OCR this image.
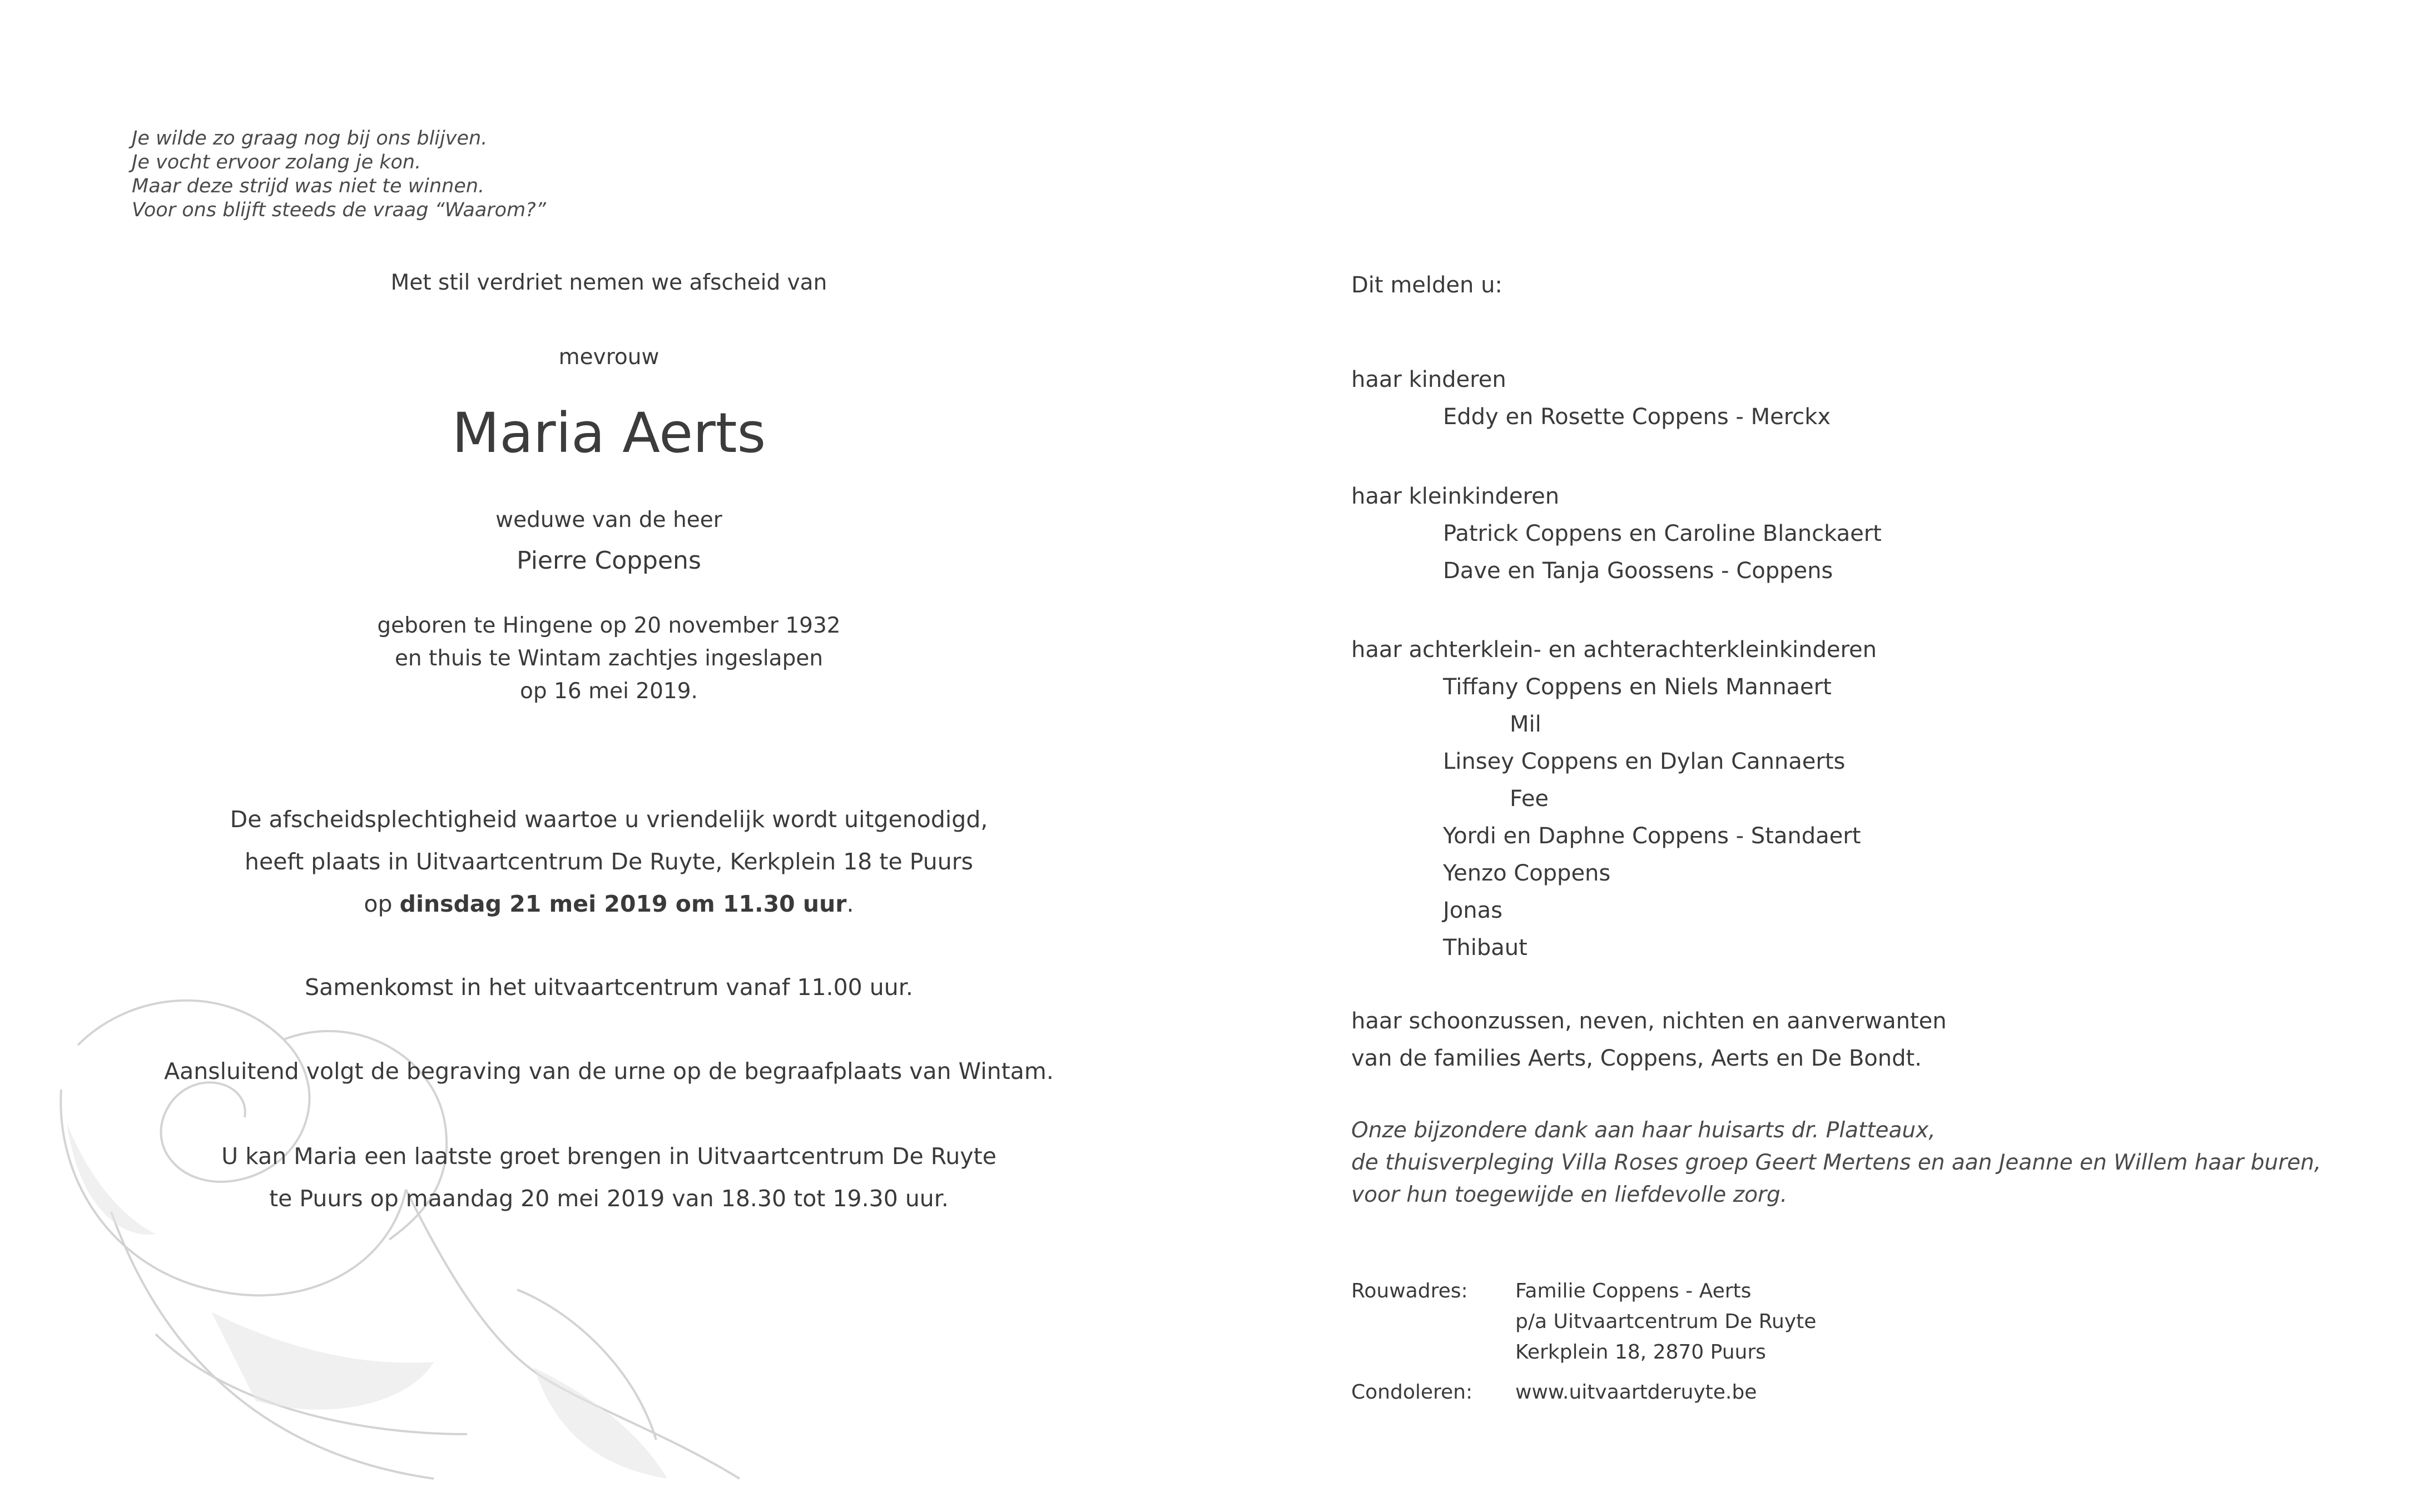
Je wilde zo graag nog bij ons blijven.
Je vocht ervoor zolang je kon.
Maar deze strijd was niet te winnen.
Voor ons blijft steeds de vraag “Waarom?”
Met stil verdriet nemen we afscheid van
mevrouw
Maria Aerts
weduwe van de heer
Pierre Coppens
geboren te Hingene op 20 november 1932
en thuis te Wintam zachtjes ingeslapen
op 16 mei 2019.
De afscheidsplechtigheid waartoe u vriendelijk wordt uitgenodigd,
heeft plaats in Uitvaartcentrum De Ruyte, Kerkplein 18 te Puurs
op dinsdag 21 mei 2019 om 11.30 uur.
Samenkomst in het uitvaartcentrum vanaf 11.00 uur.
Aansluitend volgt de begraving van de urne op de begraafplaats van Wintam.
U kan Maria een laatste groet brengen in Uitvaartcentrum De Ruyte
te Puurs op maandag 20 mei 2019 van 18.30 tot 19.30 uur.
Dit melden u:
haar kinderen
Eddy en Rosette Coppens - Merckx
haar kleinkinderen
Patrick Coppens en Caroline Blanckaert
Dave en Tanja Goossens - Coppens
haar achterklein- en achterachterkleinkinderen
Tiffany Coppens en Niels Mannaert
Mil
Linsey Coppens en Dylan Cannaerts
Fee
Yordi en Daphne Coppens - Standaert
Yenzo Coppens
Jonas
Thibaut
haar schoonzussen, neven, nichten en aanverwanten
van de families Aerts, Coppens, Aerts en De Bondt.
Onze bijzondere dank aan haar huisarts dr. Platteaux,
de thuisverpleging Villa Roses groep Geert Mertens en aan Jeanne en Willem haar buren,
voor hun toegewijde en liefdevolle zorg.
Rouwadres: Familie Coppens - Aerts
p/a Uitvaartcentrum De Ruyte
Kerkplein 18, 2870 Puurs
Condoleren: www.uitvaartderuyte.be
